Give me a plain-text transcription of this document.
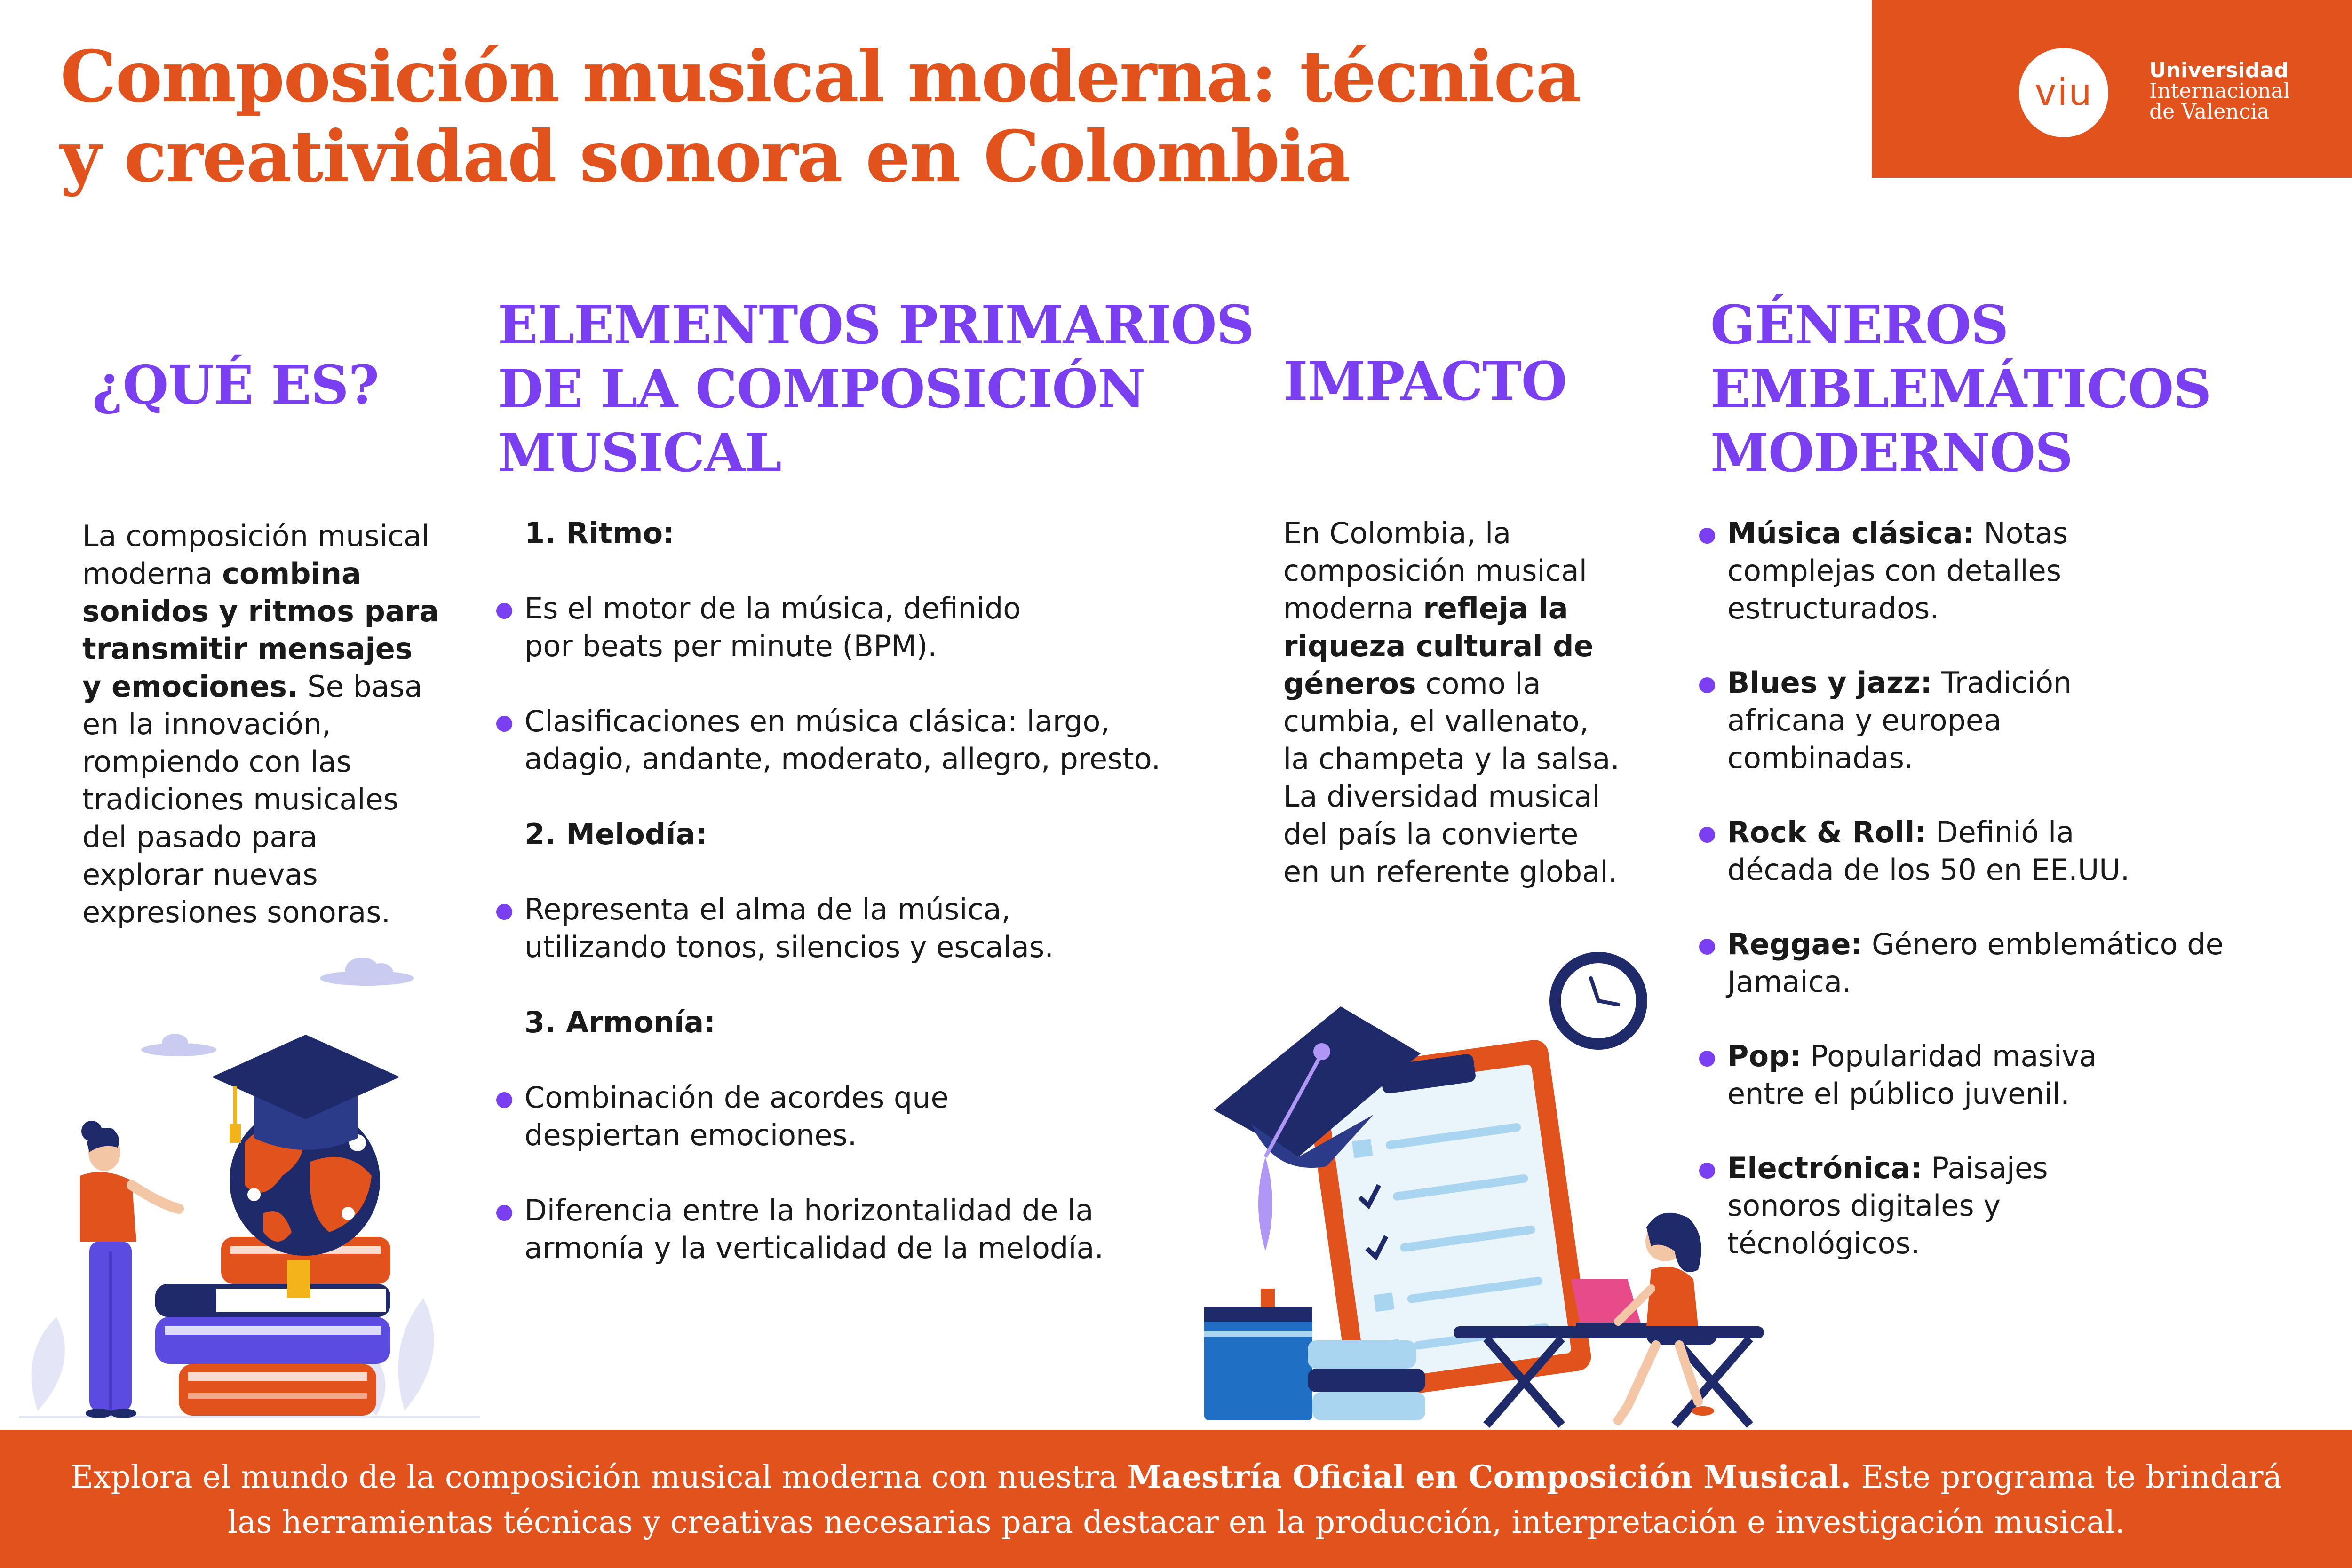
Composición musical moderna: técnica
y creatividad sonora en Colombia
viu
Universidad
Internacional
de Valencia
¿QUÉ ES?

La composición musical moderna combina sonidos y ritmos para transmitir mensajes y emociones. Se basa en la innovación, rompiendo con las tradiciones musicales del pasado para explorar nuevas expresiones sonoras.

ELEMENTOS PRIMARIOS
DE LA COMPOSICIÓN
MUSICAL
1. Ritmo:
Es el motor de la música, definido por beats per minute (BPM).
Clasificaciones en música clásica: largo, adagio, andante, moderato, allegro, presto.
2. Melodía:
Representa el alma de la música, utilizando tonos, silencios y escalas.
3. Armonía:
Combinación de acordes que despiertan emociones.
Diferencia entre la horizontalidad de la armonía y la verticalidad de la melodía.
IMPACTO

En Colombia, la composición musical moderna refleja la riqueza cultural de géneros como la cumbia, el vallenato, la champeta y la salsa. La diversidad musical del país la convierte en un referente global.

GÉNEROS
EMBLEMÁTICOS
MODERNOS
Música clásica: Notas complejas con detalles estructurados.
Blues y jazz: Tradición africana y europea combinadas.
Rock & Roll: Definió la década de los 50 en EE.UU.
Reggae: Género emblemático de Jamaica.
Pop: Popularidad masiva entre el público juvenil.
Electrónica: Paisajes sonoros digitales y técnológicos.

Explora el mundo de la composición musical moderna con nuestra Maestría Oficial en Composición Musical. Este programa te brindará las herramientas técnicas y creativas necesarias para destacar en la producción, interpretación e investigación musical.
